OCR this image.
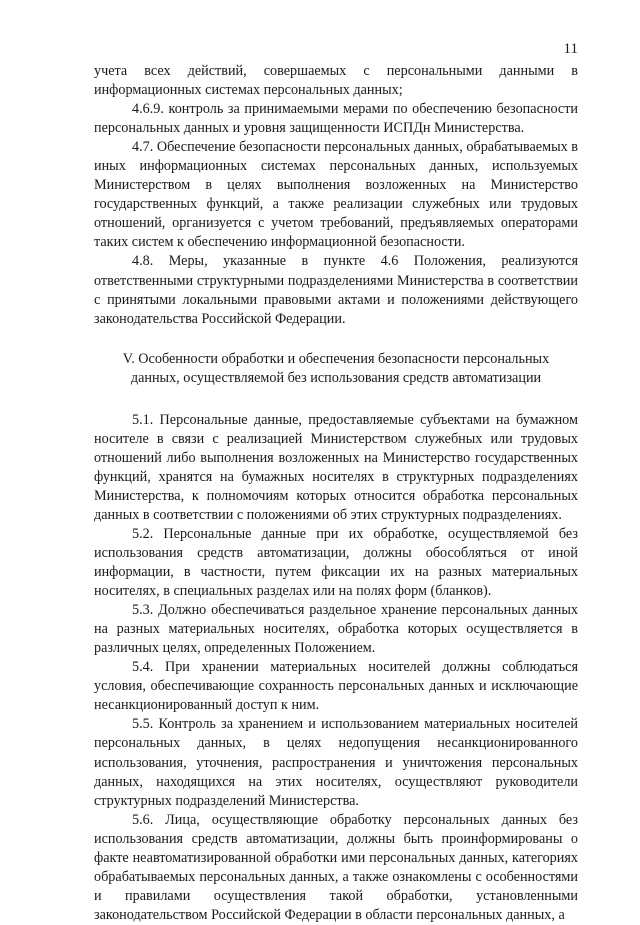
11

учета всех действий, совершаемых с персональными данными в информационных системах персональных данных;

4.6.9. контроль за принимаемыми мерами по обеспечению безопасности персональных данных и уровня защищенности ИСПДн Министерства.

4.7. Обеспечение безопасности персональных данных, обрабатываемых в иных информационных системах персональных данных, используемых Министерством в целях выполнения возложенных на Министерство государственных функций, а также реализации служебных или трудовых отношений, организуется с учетом требований, предъявляемых операторами таких систем к обеспечению информационной безопасности.

4.8. Меры, указанные в пункте 4.6 Положения, реализуются ответственными структурными подразделениями Министерства в соответствии с принятыми локальными правовыми актами и положениями действующего законодательства Российской Федерации.

V. Особенности обработки и обеспечения безопасности персональных
данных, осуществляемой без использования средств автоматизации

5.1. Персональные данные, предоставляемые субъектами на бумажном носителе в связи с реализацией Министерством служебных или трудовых отношений либо выполнения возложенных на Министерство государственных функций, хранятся на бумажных носителях в структурных подразделениях Министерства, к полномочиям которых относится обработка персональных данных в соответствии с положениями об этих структурных подразделениях.

5.2. Персональные данные при их обработке, осуществляемой без использования средств автоматизации, должны обособляться от иной информации, в частности, путем фиксации их на разных материальных носителях, в специальных разделах или на полях форм (бланков).

5.3. Должно обеспечиваться раздельное хранение персональных данных на разных материальных носителях, обработка которых осуществляется в различных целях, определенных Положением.

5.4. При хранении материальных носителей должны соблюдаться условия, обеспечивающие сохранность персональных данных и исключающие несанкционированный доступ к ним.

5.5. Контроль за хранением и использованием материальных носителей персональных данных, в целях недопущения несанкционированного использования, уточнения, распространения и уничтожения персональных данных, находящихся на этих носителях, осуществляют руководители структурных подразделений Министерства.

5.6. Лица, осуществляющие обработку персональных данных без использования средств автоматизации, должны быть проинформированы о факте неавтоматизированной обработки ими персональных данных, категориях обрабатываемых персональных данных, а также ознакомлены с особенностями и правилами осуществления такой обработки, установленными законодательством Российской Федерации в области персональных данных, а
